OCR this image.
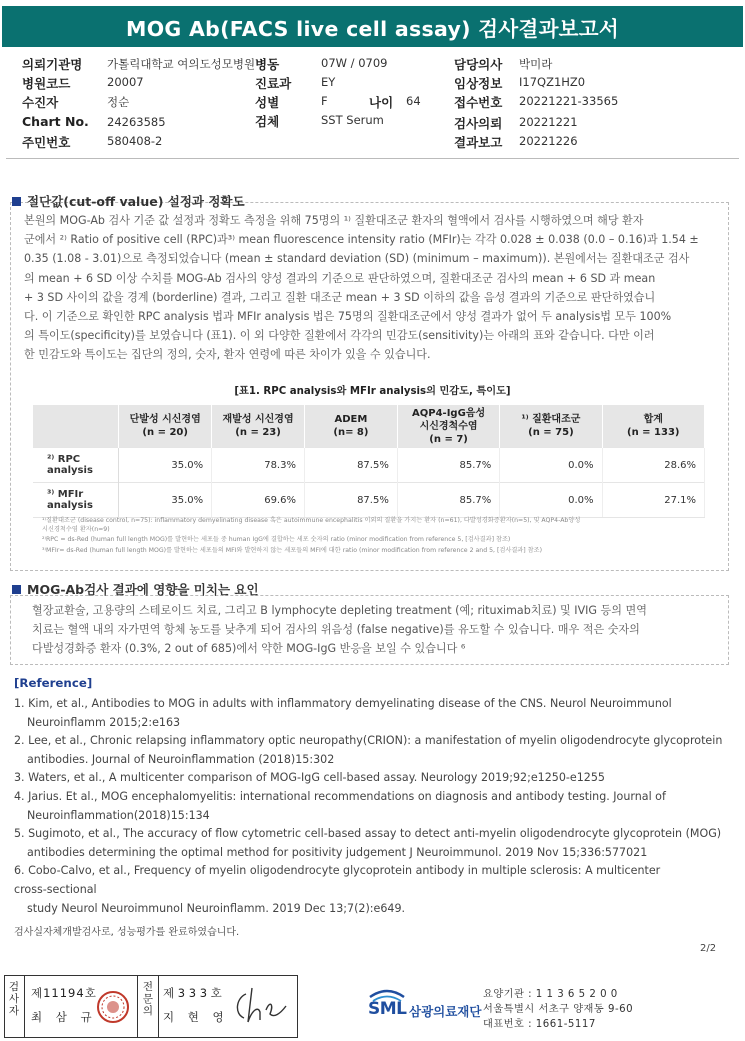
MOG Ab(FACS live cell assay) 검사결과보고서
의뢰기관명 가톨릭대학교 여의도성모병원 병동	07W / 0709	담당의사 박미라
병원코드	20007	진료과	EY	임상정보 I17QZ1HZ0
수진자	정순	성별	F	나이 64	접수번호 20221221-33565
Chart No. 24263585	검체	SST Serum	검사의뢰 20221221
주민번호	580408-2	결과보고 20221226
절단값(cut-off value) 설정과 정확도

본원의 MOG-Ab 검사 기준 값 설정과 정확도 측정을 위해 75명의 ¹⁾ 질환대조군 환자의 혈액에서 검사를 시행하였으며 해당 환자

군에서 ²⁾ Ratio of positive cell (RPC)과³⁾ mean fluorescence intensity ratio (MFIr)는 각각 0.028 ± 0.038 (0.0 – 0.16)과 1.54 ±

0.35 (1.08 - 3.01)으로 측정되었습니다 (mean ± standard deviation (SD) (minimum – maximum)). 본원에서는 질환대조군 검사

의 mean + 6 SD 이상 수치를 MOG-Ab 검사의 양성 결과의 기준으로 판단하였으며, 질환대조군 검사의 mean + 6 SD 과 mean

+ 3 SD 사이의 값을 경계 (borderline) 결과, 그리고 질환 대조군 mean + 3 SD 이하의 값을 음성 결과의 기준으로 판단하였습니

다. 이 기준으로 확인한 RPC analysis 법과 MFIr analysis 법은 75명의 질환대조군에서 양성 결과가 없어 두 analysis법 모두 100%

의 특이도(specificity)를 보였습니다 (표1). 이 외 다양한 질환에서 각각의 민감도(sensitivity)는 아래의 표와 같습니다. 다만 이러

한 민감도와 특이도는 집단의 정의, 숫자, 환자 연령에 따른 차이가 있을 수 있습니다.

[표1. RPC analysis와 MFIr analysis의 민감도, 특이도]
	단발성 시신경염
(n = 20)	재발성 시신경염
(n = 23)	ADEM
(n= 8)	AQP4-IgG음성
시신경척수염
(n = 7)	¹⁾ 질환대조군
(n = 75)	합계
(n = 133)
²⁾ RPC analysis	35.0%	78.3%	87.5%	85.7%	0.0%	28.6%
³⁾ MFIr analysis	35.0%	69.6%	87.5%	85.7%	0.0%	27.1%
¹⁾질환대조군 (disease control, n=75): inflammatory demyelinating disease 혹은 autoimmune encephalitis 이외의 질환을 가지는 환자 (n=61), 다발성경화증환자(n=5), 및 AQP4-Ab양성
시신경척수염 환자(n=9)
²⁾RPC = ds-Red (human full length MOG)를 발현하는 세포들 중 human IgG에 결합하는 세포 숫자의 ratio (minor modification from reference 5, [검사결과] 참조)
³⁾MFIr= ds-Red (human full length MOG)를 발현하는 세포들의 MFI와 발현하지 않는 세포들의 MFI에 대한 ratio (minor modification from reference 2 and 5, [검사결과] 참조)
MOG-Ab검사 결과에 영향을 미치는 요인

혈장교환술, 고용량의 스테로이드 치료, 그리고 B lymphocyte depleting treatment (예; rituximab치료) 및 IVIG 등의 면역

치료는 혈액 내의 자가면역 항체 농도를 낮추게 되어 검사의 위음성 (false negative)를 유도할 수 있습니다. 매우 적은 숫자의

다발성경화증 환자 (0.3%, 2 out of 685)에서 약한 MOG-IgG 반응을 보일 수 있습니다 ⁶

[Reference]

1. Kim, et al., Antibodies to MOG in adults with inflammatory demyelinating disease of the CNS. Neurol Neuroimmunol

Neuroinflamm 2015;2:e163

2. Lee, et al., Chronic relapsing inflammatory optic neuropathy(CRION): a manifestation of myelin oligodendrocyte glycoprotein

antibodies. Journal of Neuroinflammation (2018)15:302

3. Waters, et al., A multicenter comparison of MOG-IgG cell-based assay. Neurology 2019;92;e1250-e1255

4. Jarius. Et al., MOG encephalomyelitis: international recommendations on diagnosis and antibody testing. Journal of

Neuroinflammation(2018)15:134

5. Sugimoto, et al., The accuracy of flow cytometric cell-based assay to detect anti-myelin oligodendrocyte glycoprotein (MOG)

antibodies determining the optimal method for positivity judgement J Neuroimmunol. 2019 Nov 15;336:577021

6. Cobo-Calvo, et al., Frequency of myelin oligodendrocyte glycoprotein antibody in multiple sclerosis: A multicenter

cross-sectional

study Neurol Neuroimmunol Neuroinflamm. 2019 Dec 13;7(2):e649.

검사실자체개발검사로, 성능평가를 완료하였습니다.
2/2
검
사
자
제11194호
최 삼 규
전
문
의
제 3 3 3 호
지 현 영	SML 삼광의료재단
요양기관 : 1 1 3 6 5 2 0 0
서울특별시 서초구 양재동 9-60
대표번호 : 1661-5117
